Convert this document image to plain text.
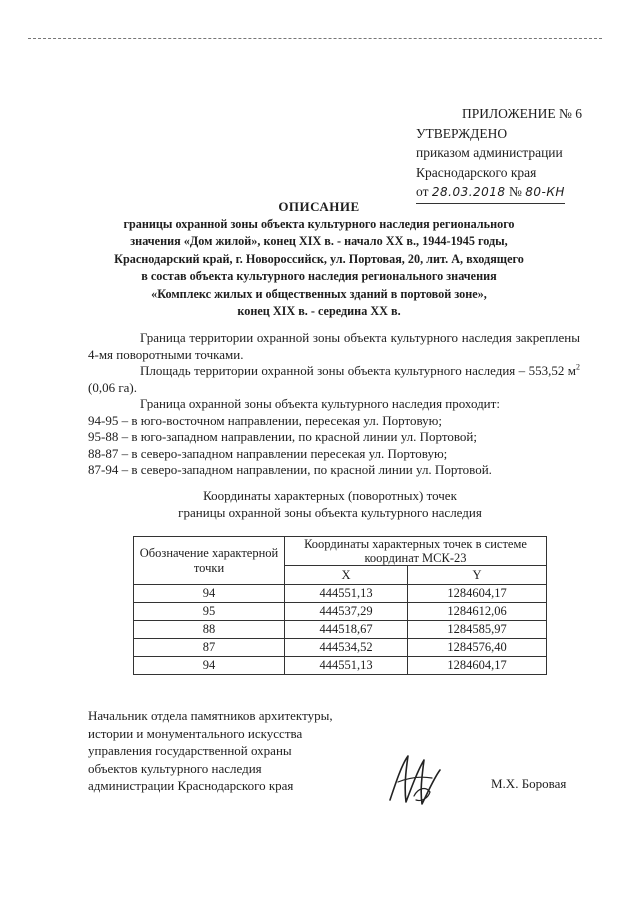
ПРИЛОЖЕНИЕ № 6
УТВЕРЖДЕНО
приказом администрации
Краснодарского края
от 28.03.2018 № 80-КН
ОПИСАНИЕ
границы охранной зоны объекта культурного наследия регионального
значения «Дом жилой», конец XIX в. - начало XX в., 1944-1945 годы,
Краснодарский край, г. Новороссийск, ул. Портовая, 20, лит. А, входящего
в состав объекта культурного наследия регионального значения
«Комплекс жилых и общественных зданий в портовой зоне»,
конец XIX в. - середина XX в.

Граница территории охранной зоны объекта культурного наследия закреплены 4-мя поворотными точками.

Площадь территории охранной зоны объекта культурного наследия – 553,52 $м^2$ (0,06 га).

Граница охранной зоны объекта культурного наследия проходит:

94-95 – в юго-восточном направлении, пересекая ул. Портовую;

95-88 – в юго-западном направлении, по красной линии ул. Портовой;

88-87 – в северо-западном направлении пересекая ул. Портовую;

87-94 – в северо-западном направлении, по красной линии ул. Портовой.

Координаты характерных (поворотных) точек
границы охранной зоны объекта культурного наследия
Обозначение характерной точки	Координаты характерных точек в системе координат МСК-23	
	X	Y
94	444551,13	1284604,17
95	444537,29	1284612,06
88	444518,67	1284585,97
87	444534,52	1284576,40
94	444551,13	1284604,17
Начальник отдела памятников архитектуры,
истории и монументального искусства
управления государственной охраны
объектов культурного наследия
администрации Краснодарского края	М.Х. Боровая
